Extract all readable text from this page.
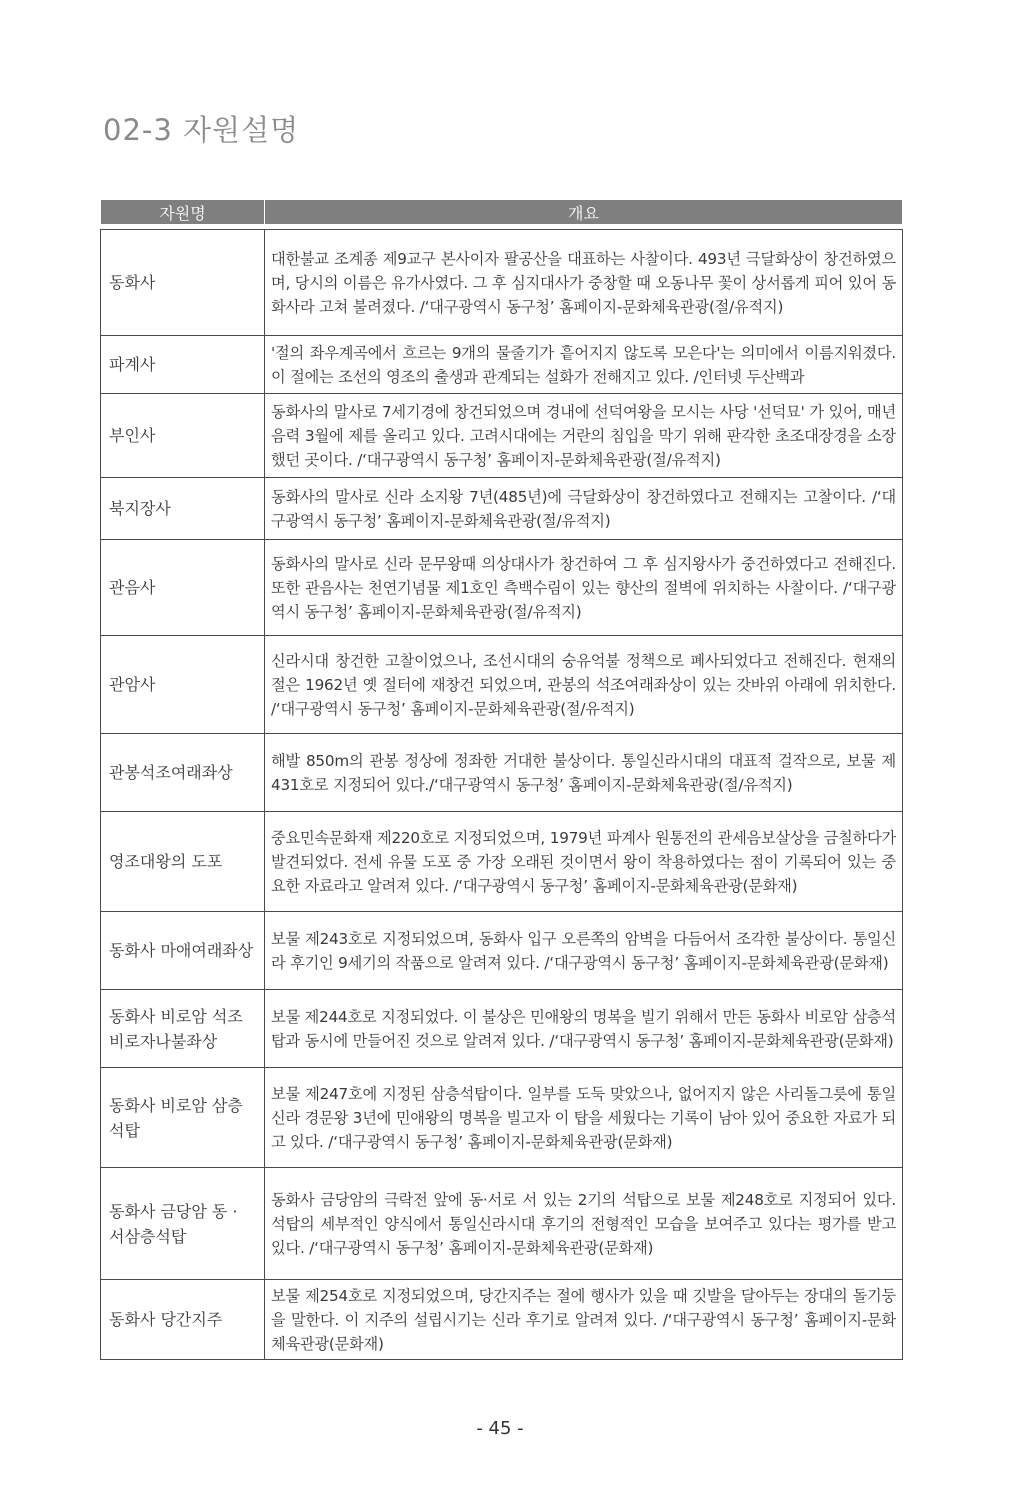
02-3 자원설명
자원명	개요

동화사	대한불교 조계종 제9교구 본사이자 팔공산을 대표하는 사찰이다. 493년 극달화상이 창건하였으며, 당시의 이름은 유가사였다. 그 후 심지대사가 중창할 때 오동나무 꽃이 상서롭게 피어 있어 동화사라 고쳐 불려졌다. /‘대구광역시 동구청’ 홈페이지-문화체육관광(절/유적지)
파계사	'절의 좌우계곡에서 흐르는 9개의 물줄기가 흩어지지 않도록 모은다'는 의미에서 이름지워졌다. 이 절에는 조선의 영조의 출생과 관계되는 설화가 전해지고 있다. /인터넷 두산백과
부인사	동화사의 말사로 7세기경에 창건되었으며 경내에 선덕여왕을 모시는 사당 '선덕묘' 가 있어, 매년 음력 3월에 제를 올리고 있다. 고려시대에는 거란의 침입을 막기 위해 판각한 초조대장경을 소장했던 곳이다. /‘대구광역시 동구청’ 홈페이지-문화체육관광(절/유적지)
북지장사	동화사의 말사로 신라 소지왕 7년(485년)에 극달화상이 창건하였다고 전해지는 고찰이다. /‘대구광역시 동구청’ 홈페이지-문화체육관광(절/유적지)
관음사	동화사의 말사로 신라 문무왕때 의상대사가 창건하여 그 후 심지왕사가 중건하였다고 전해진다. 또한 관음사는 천연기념물 제1호인 측백수림이 있는 향산의 절벽에 위치하는 사찰이다. /‘대구광역시 동구청’ 홈페이지-문화체육관광(절/유적지)
관암사	신라시대 창건한 고찰이었으나, 조선시대의 숭유억불 정책으로 폐사되었다고 전해진다. 현재의 절은 1962년 옛 절터에 재창건 되었으며, 관봉의 석조여래좌상이 있는 갓바위 아래에 위치한다. /‘대구광역시 동구청’ 홈페이지-문화체육관광(절/유적지)
관봉석조여래좌상	해발 850m의 관봉 정상에 정좌한 거대한 불상이다. 통일신라시대의 대표적 걸작으로, 보물 제 431호로 지정되어 있다./‘대구광역시 동구청’ 홈페이지-문화체육관광(절/유적지)
영조대왕의 도포	중요민속문화재 제220호로 지정되었으며, 1979년 파계사 원통전의 관세음보살상을 금칠하다가 발견되었다. 전세 유물 도포 중 가장 오래된 것이면서 왕이 착용하였다는 점이 기록되어 있는 중요한 자료라고 알려져 있다. /‘대구광역시 동구청’ 홈페이지-문화체육관광(문화재)
동화사 마애여래좌상	보물 제243호로 지정되었으며, 동화사 입구 오른쪽의 암벽을 다듬어서 조각한 불상이다. 통일신라 후기인 9세기의 작품으로 알려져 있다. /‘대구광역시 동구청’ 홈페이지-문화체육관광(문화재)
동화사 비로암 석조비로자나불좌상	보물 제244호로 지정되었다. 이 불상은 민애왕의 명복을 빌기 위해서 만든 동화사 비로암 삼층석탑과 동시에 만들어진 것으로 알려져 있다. /‘대구광역시 동구청’ 홈페이지-문화체육관광(문화재)
동화사 비로암 삼층석탑	보물 제247호에 지정된 삼층석탑이다. 일부를 도둑 맞았으나, 없어지지 않은 사리돌그릇에 통일신라 경문왕 3년에 민애왕의 명복을 빌고자 이 탑을 세웠다는 기록이 남아 있어 중요한 자료가 되고 있다. /‘대구광역시 동구청’ 홈페이지-문화체육관광(문화재)
동화사 금당암 동 · 서삼층석탑	동화사 금당암의 극락전 앞에 동·서로 서 있는 2기의 석탑으로 보물 제248호로 지정되어 있다. 석탑의 세부적인 양식에서 통일신라시대 후기의 전형적인 모습을 보여주고 있다는 평가를 받고 있다. /‘대구광역시 동구청’ 홈페이지-문화체육관광(문화재)
동화사 당간지주	보물 제254호로 지정되었으며, 당간지주는 절에 행사가 있을 때 깃발을 달아두는 장대의 돌기둥을 말한다. 이 지주의 설립시기는 신라 후기로 알려져 있다. /‘대구광역시 동구청’ 홈페이지-문화체육관광(문화재)
- 45 -
